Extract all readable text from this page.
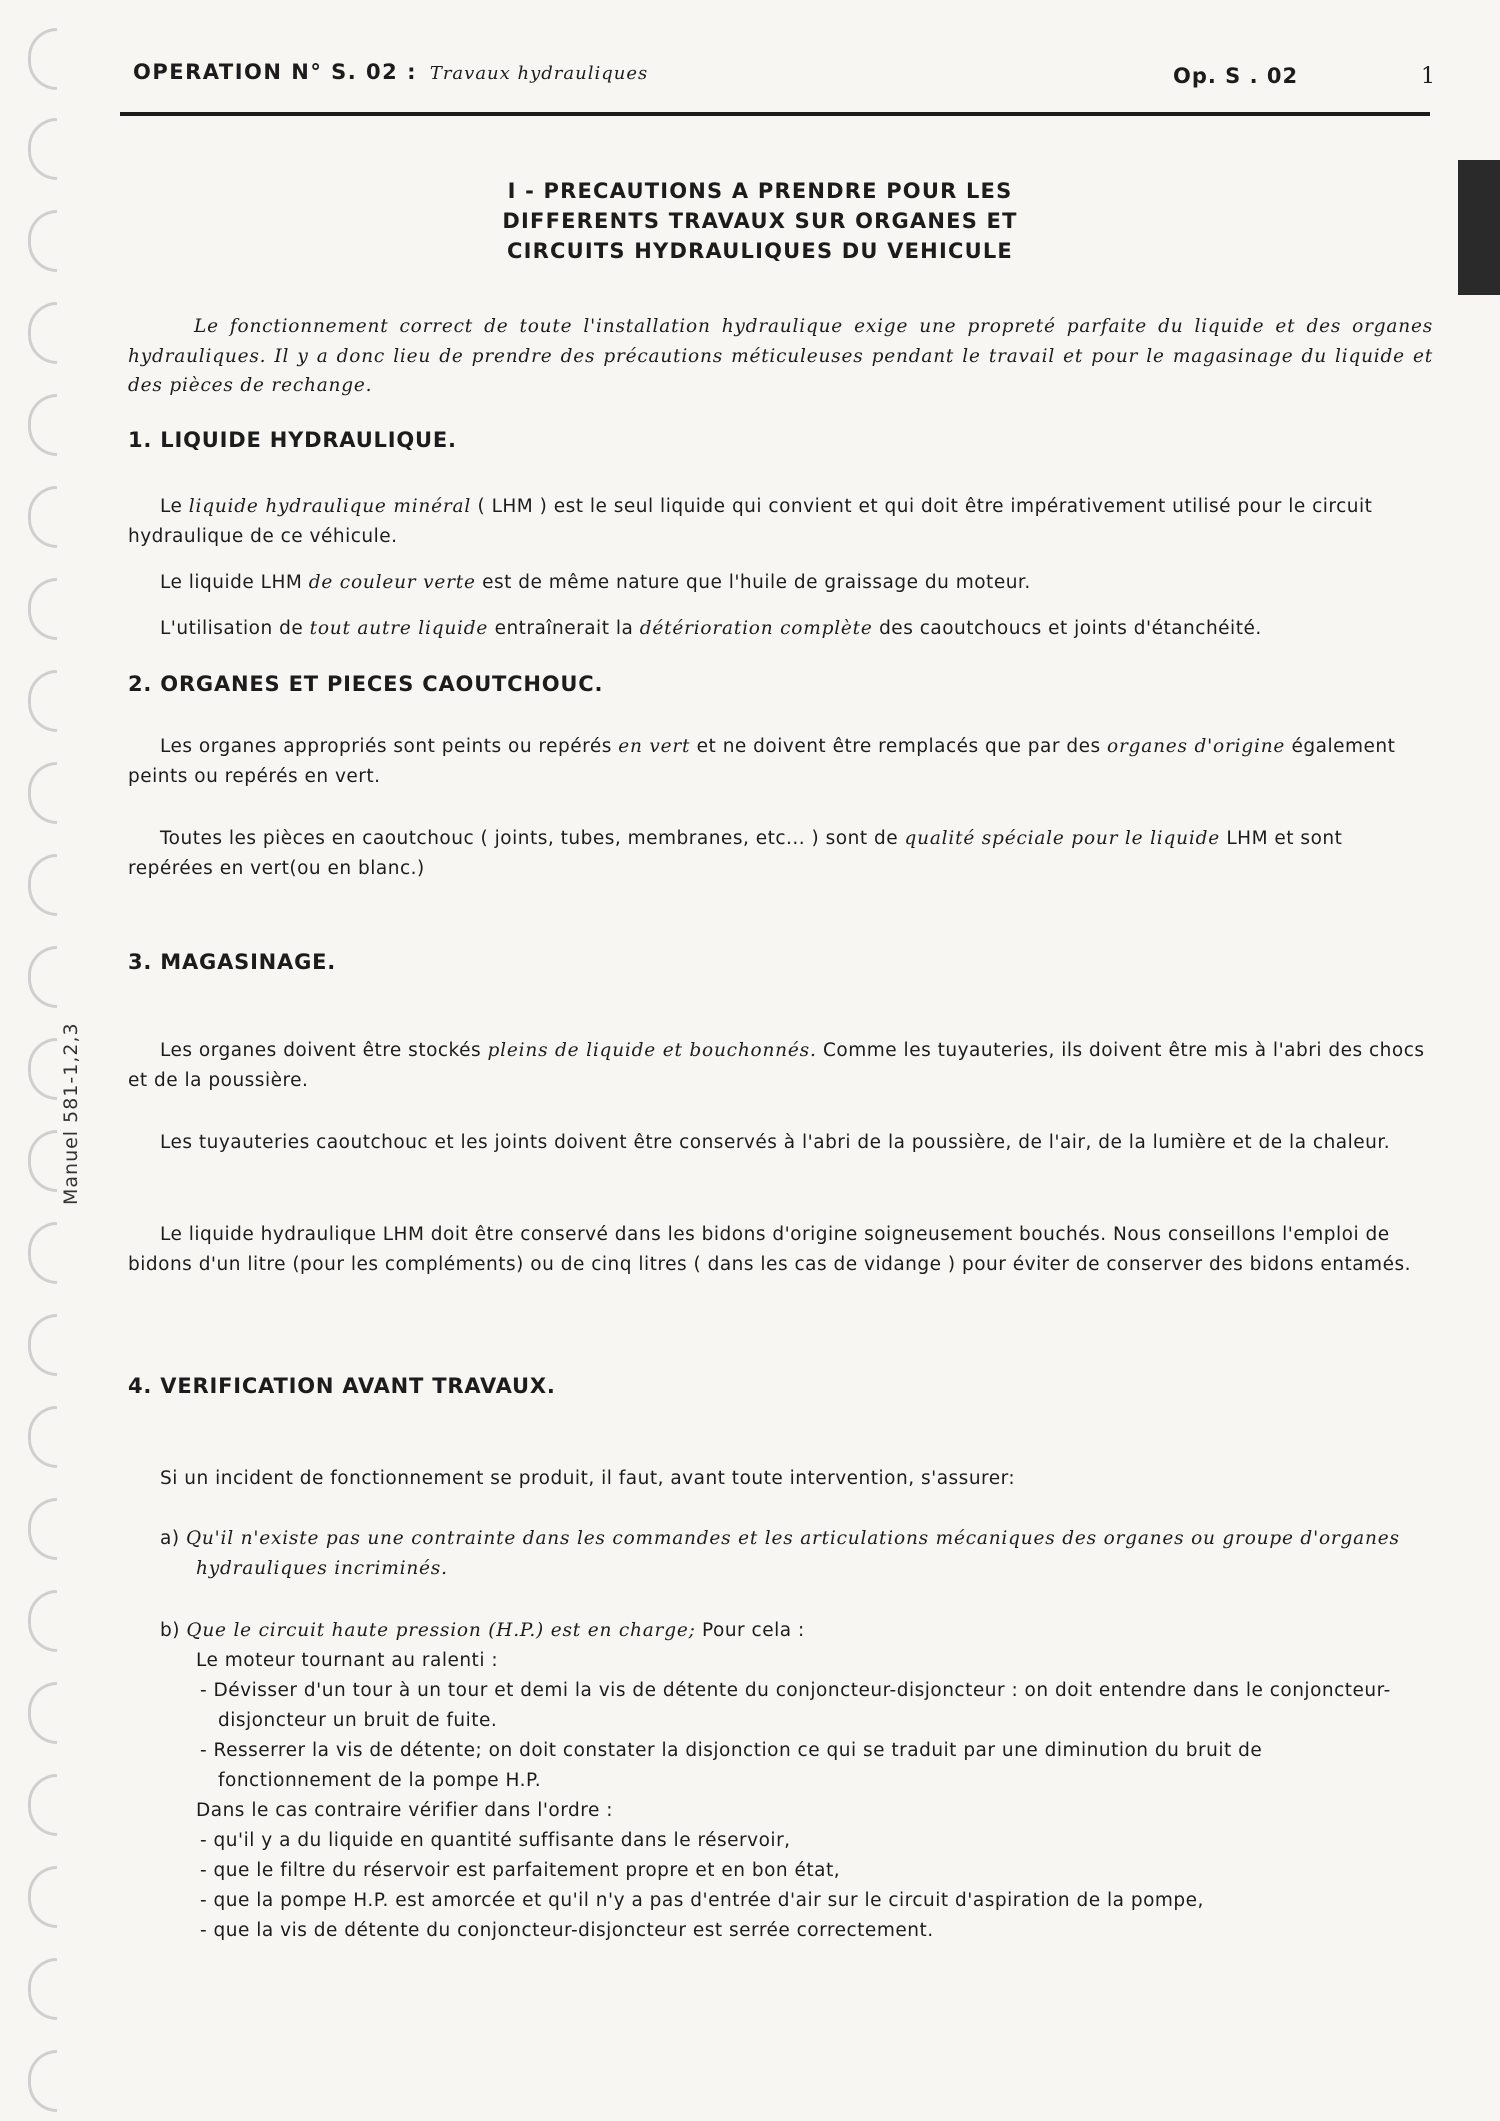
Manuel 581-1,2,3
OPERATION N° S. 02 : Travaux hydrauliques	Op. S . 02	1
I - PRECAUTIONS A PRENDRE POUR LES
DIFFERENTS TRAVAUX SUR ORGANES ET
CIRCUITS HYDRAULIQUES DU VEHICULE
Le fonctionnement correct de toute l'installation hydraulique exige une propreté parfaite du liquide et des organes hydrauliques. Il y a donc lieu de prendre des précautions méticuleuses pendant le travail et pour le magasinage du liquide et des pièces de rechange.
1. LIQUIDE HYDRAULIQUE.
Le liquide hydraulique minéral ( LHM ) est le seul liquide qui convient et qui doit être impérativement utilisé pour le circuit hydraulique de ce véhicule.
Le liquide LHM de couleur verte est de même nature que l'huile de graissage du moteur.
L'utilisation de tout autre liquide entraînerait la détérioration complète des caoutchoucs et joints d'étanchéité.
2. ORGANES ET PIECES CAOUTCHOUC.
Les organes appropriés sont peints ou repérés en vert et ne doivent être remplacés que par des organes d'origine également peints ou repérés en vert.
Toutes les pièces en caoutchouc ( joints, tubes, membranes, etc... ) sont de qualité spéciale pour le liquide LHM et sont repérées en vert(ou en blanc.)
3. MAGASINAGE.
Les organes doivent être stockés pleins de liquide et bouchonnés. Comme les tuyauteries, ils doivent être mis à l'abri des chocs et de la poussière.
Les tuyauteries caoutchouc et les joints doivent être conservés à l'abri de la poussière, de l'air, de la lumière et de la chaleur.
Le liquide hydraulique LHM doit être conservé dans les bidons d'origine soigneusement bouchés. Nous conseillons l'emploi de bidons d'un litre (pour les compléments) ou de cinq litres ( dans les cas de vidange ) pour éviter de conserver des bidons entamés.
4. VERIFICATION AVANT TRAVAUX.
Si un incident de fonctionnement se produit, il faut, avant toute intervention, s'assurer:
a) Qu'il n'existe pas une contrainte dans les commandes et les articulations mécaniques des organes ou groupe d'organes hydrauliques incriminés.
b) Que le circuit haute pression (H.P.) est en charge; Pour cela :
Le moteur tournant au ralenti :
- Dévisser d'un tour à un tour et demi la vis de détente du conjoncteur-disjoncteur : on doit entendre dans le conjoncteur-disjoncteur un bruit de fuite.
- Resserrer la vis de détente; on doit constater la disjonction ce qui se traduit par une diminution du bruit de fonctionnement de la pompe H.P.
Dans le cas contraire vérifier dans l'ordre :
- qu'il y a du liquide en quantité suffisante dans le réservoir,
- que le filtre du réservoir est parfaitement propre et en bon état,
- que la pompe H.P. est amorcée et qu'il n'y a pas d'entrée d'air sur le circuit d'aspiration de la pompe,
- que la vis de détente du conjoncteur-disjoncteur est serrée correctement.
